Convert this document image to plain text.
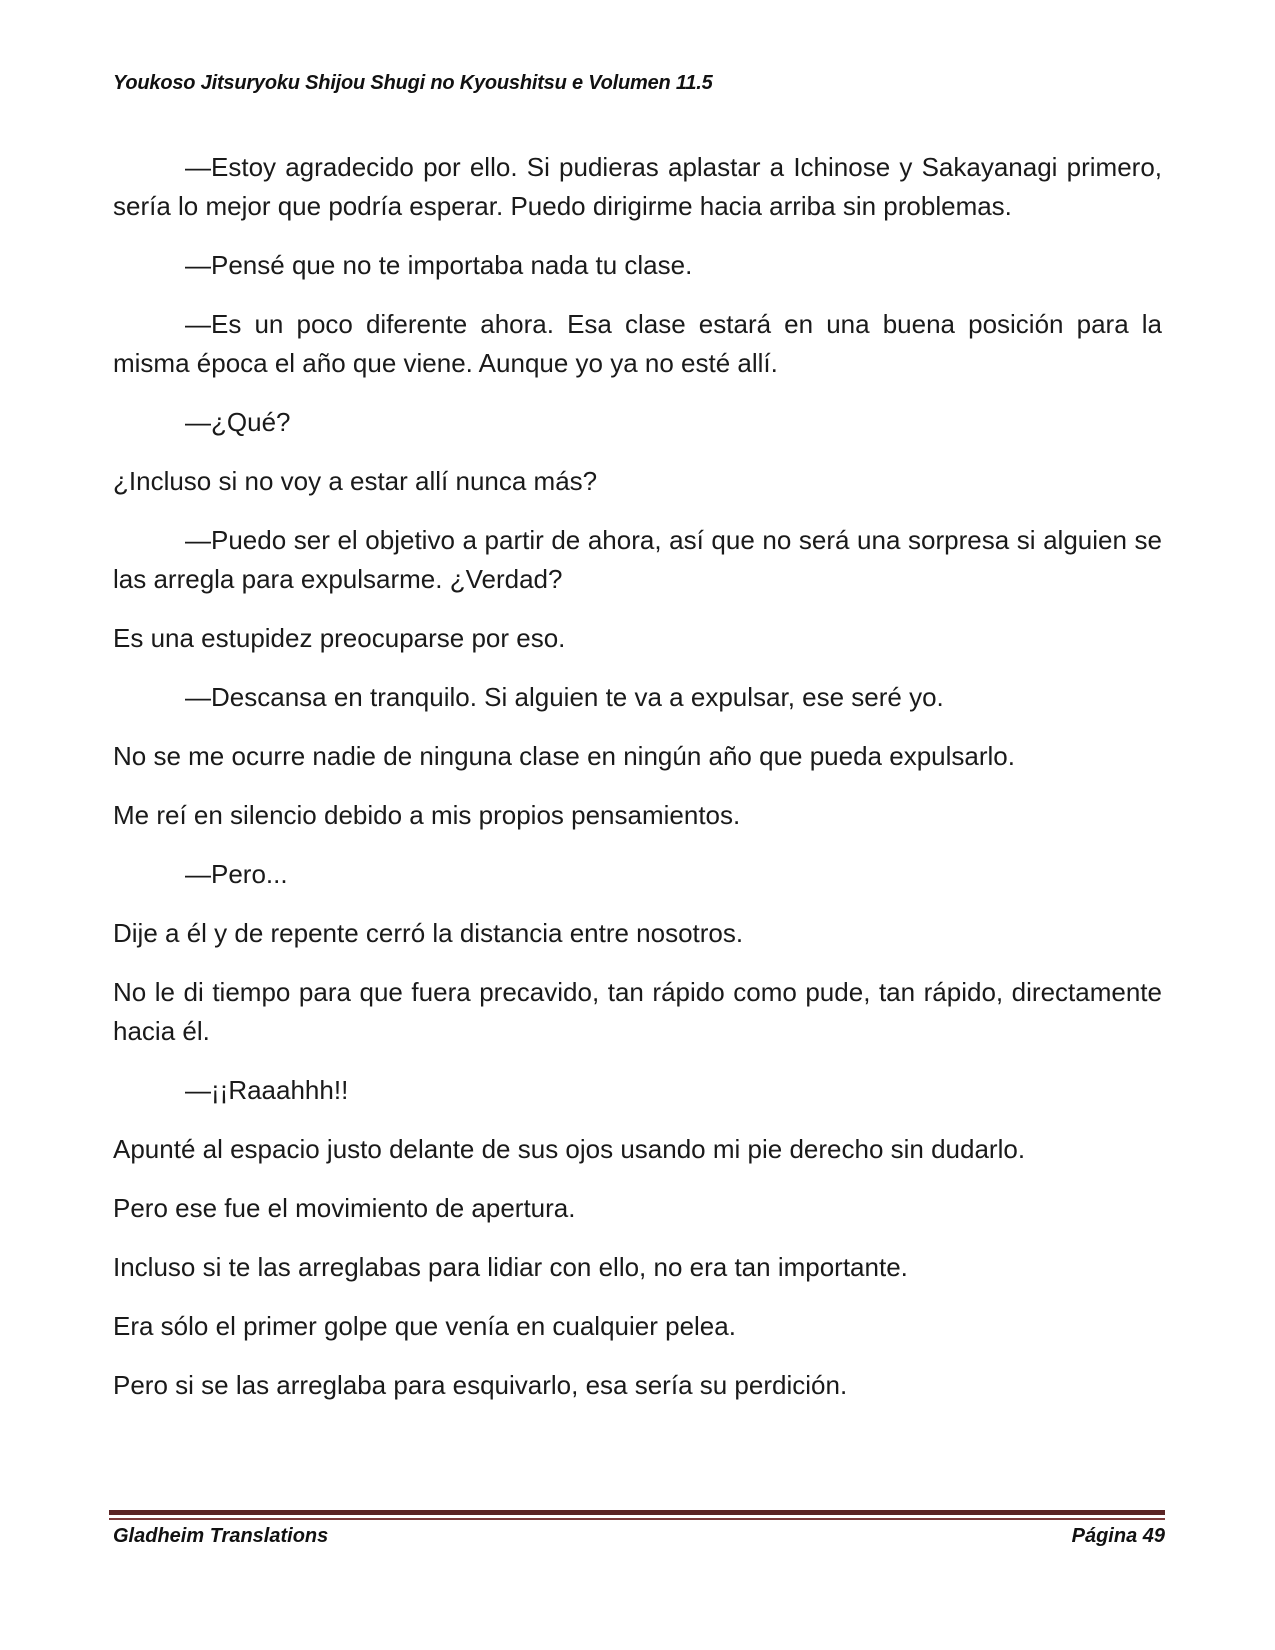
Youkoso Jitsuryoku Shijou Shugi no Kyoushitsu e Volumen 11.5

—Estoy agradecido por ello. Si pudieras aplastar a Ichinose y Sakayanagi primero, sería lo mejor que podría esperar. Puedo dirigirme hacia arriba sin problemas.

—Pensé que no te importaba nada tu clase.

—Es un poco diferente ahora. Esa clase estará en una buena posición para la misma época el año que viene. Aunque yo ya no esté allí.

—¿Qué?

¿Incluso si no voy a estar allí nunca más?

—Puedo ser el objetivo a partir de ahora, así que no será una sorpresa si alguien se las arregla para expulsarme. ¿Verdad?

Es una estupidez preocuparse por eso.

—Descansa en tranquilo. Si alguien te va a expulsar, ese seré yo.

No se me ocurre nadie de ninguna clase en ningún año que pueda expulsarlo.

Me reí en silencio debido a mis propios pensamientos.

—Pero...

Dije a él y de repente cerró la distancia entre nosotros.

No le di tiempo para que fuera precavido, tan rápido como pude, tan rápido, directamente hacia él.

—¡¡Raaahhh!!

Apunté al espacio justo delante de sus ojos usando mi pie derecho sin dudarlo.

Pero ese fue el movimiento de apertura.

Incluso si te las arreglabas para lidiar con ello, no era tan importante.

Era sólo el primer golpe que venía en cualquier pelea.

Pero si se las arreglaba para esquivarlo, esa sería su perdición.

Gladheim Translations	Página 49
